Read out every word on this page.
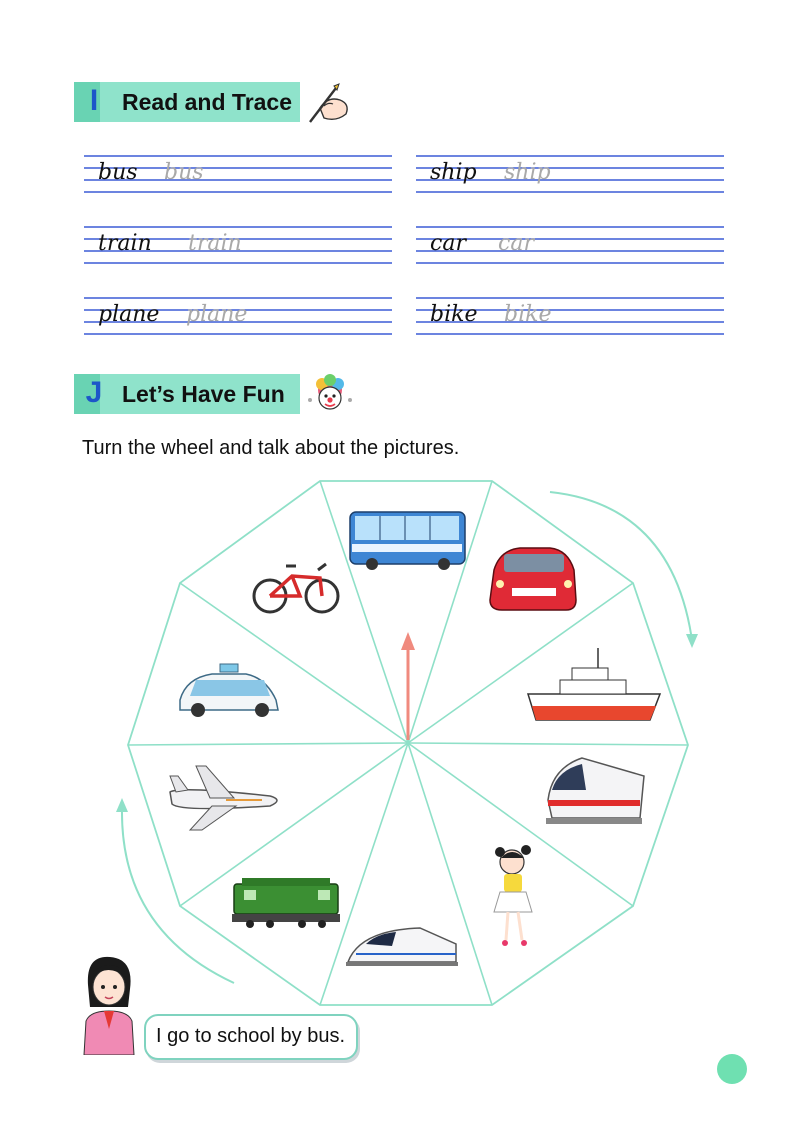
I	Read and Trace
bus bus	ship ship
train train	car car
plane plane	bike bike
J Let’s Have Fun
Turn the wheel and talk about the pictures.
I go to school by bus.
